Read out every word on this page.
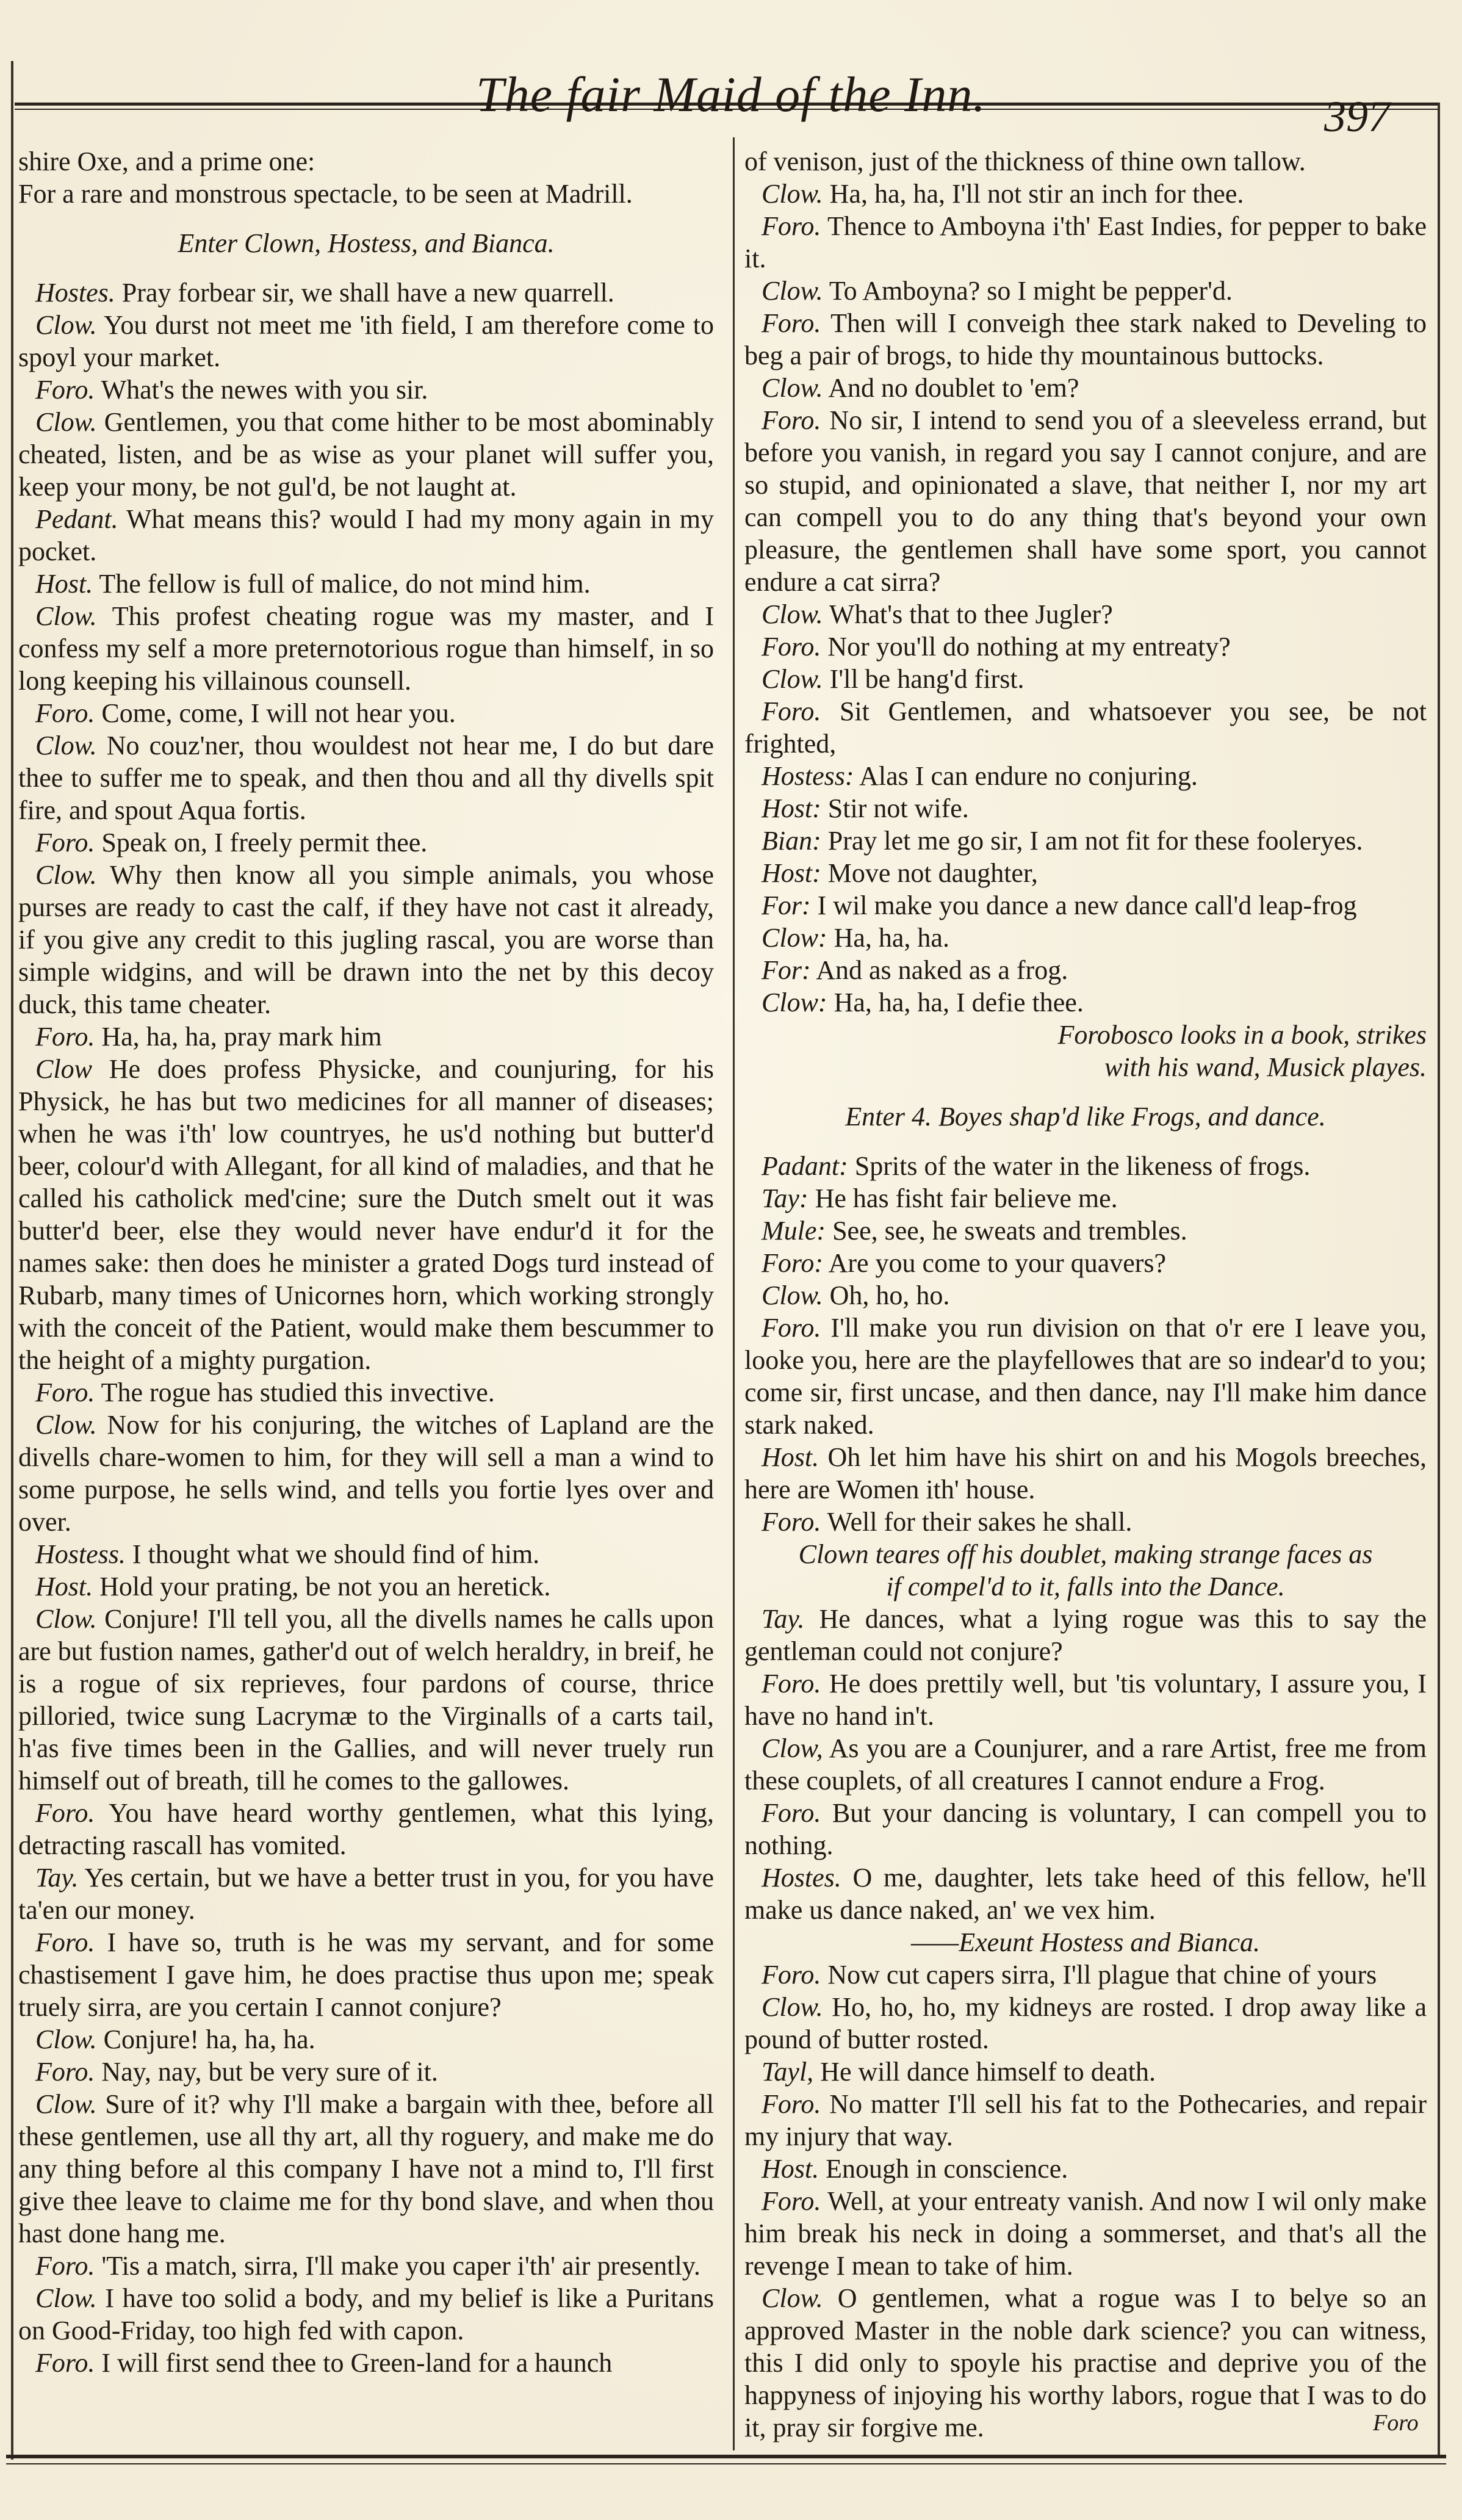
The fair Maid of the Inn.	397

shire Oxe, and a prime one:

For a rare and monstrous spectacle, to be seen at Madrill.

Enter Clown, Hostess, and Bianca.

Hostes. Pray forbear sir, we shall have a new quarrell.

Clow. You durst not meet me 'ith field, I am therefore come to spoyl your market.

Foro. What's the newes with you sir.

Clow. Gentlemen, you that come hither to be most abominably cheated, listen, and be as wise as your planet will suffer you, keep your mony, be not gul'd, be not laught at.

Pedant. What means this? would I had my mony again in my pocket.

Host. The fellow is full of malice, do not mind him.

Clow. This profest cheating rogue was my master, and I confess my self a more preternotorious rogue than himself, in so long keeping his villainous counsell.

Foro. Come, come, I will not hear you.

Clow. No couz'ner, thou wouldest not hear me, I do but dare thee to suffer me to speak, and then thou and all thy divells spit fire, and spout Aqua fortis.

Foro. Speak on, I freely permit thee.

Clow. Why then know all you simple animals, you whose purses are ready to cast the calf, if they have not cast it already, if you give any credit to this jugling rascal, you are worse than simple widgins, and will be drawn into the net by this decoy duck, this tame cheater.

Foro. Ha, ha, ha, pray mark him

Clow He does profess Physicke, and counjuring, for his Physick, he has but two medicines for all manner of diseases; when he was i'th' low countryes, he us'd nothing but butter'd beer, colour'd with Allegant, for all kind of maladies, and that he called his catholick med'cine; sure the Dutch smelt out it was butter'd beer, else they would never have endur'd it for the names sake: then does he minister a grated Dogs turd instead of Rubarb, many times of Unicornes horn, which working strongly with the conceit of the Patient, would make them bescummer to the height of a mighty purgation.

Foro. The rogue has studied this invective.

Clow. Now for his conjuring, the witches of Lapland are the divells chare-women to him, for they will sell a man a wind to some purpose, he sells wind, and tells you fortie lyes over and over.

Hostess. I thought what we should find of him.

Host. Hold your prating, be not you an heretick.

Clow. Conjure! I'll tell you, all the divells names he calls upon are but fustion names, gather'd out of welch heraldry, in breif, he is a rogue of six reprieves, four pardons of course, thrice pilloried, twice sung Lacrymæ to the Virginalls of a carts tail, h'as five times been in the Gallies, and will never truely run himself out of breath, till he comes to the gallowes.

Foro. You have heard worthy gentlemen, what this lying, detracting rascall has vomited.

Tay. Yes certain, but we have a better trust in you, for you have ta'en our money.

Foro. I have so, truth is he was my servant, and for some chastisement I gave him, he does practise thus upon me; speak truely sirra, are you certain I cannot conjure?

Clow. Conjure! ha, ha, ha.

Foro. Nay, nay, but be very sure of it.

Clow. Sure of it? why I'll make a bargain with thee, before all these gentlemen, use all thy art, all thy roguery, and make me do any thing before al this company I have not a mind to, I'll first give thee leave to claime me for thy bond slave, and when thou hast done hang me.

Foro. 'Tis a match, sirra, I'll make you caper i'th' air presently.

Clow. I have too solid a body, and my belief is like a Puritans on Good-Friday, too high fed with capon.

Foro. I will first send thee to Green-land for a haunch

of venison, just of the thickness of thine own tallow.

Clow. Ha, ha, ha, I'll not stir an inch for thee.

Foro. Thence to Amboyna i'th' East Indies, for pepper to bake it.

Clow. To Amboyna? so I might be pepper'd.

Foro. Then will I conveigh thee stark naked to Develing to beg a pair of brogs, to hide thy mountainous buttocks.

Clow. And no doublet to 'em?

Foro. No sir, I intend to send you of a sleeveless errand, but before you vanish, in regard you say I cannot conjure, and are so stupid, and opinionated a slave, that neither I, nor my art can compell you to do any thing that's beyond your own pleasure, the gentlemen shall have some sport, you cannot endure a cat sirra?

Clow. What's that to thee Jugler?

Foro. Nor you'll do nothing at my entreaty?

Clow. I'll be hang'd first.

Foro. Sit Gentlemen, and whatsoever you see, be not frighted,

Hostess: Alas I can endure no conjuring.

Host: Stir not wife.

Bian: Pray let me go sir, I am not fit for these fooleryes.

Host: Move not daughter,

For: I wil make you dance a new dance call'd leap-frog

Clow: Ha, ha, ha.

For: And as naked as a frog.

Clow: Ha, ha, ha, I defie thee.

Forobosco looks in a book, strikes

with his wand, Musick playes.

Enter 4. Boyes shap'd like Frogs, and dance.

Padant: Sprits of the water in the likeness of frogs.

Tay: He has fisht fair believe me.

Mule: See, see, he sweats and trembles.

Foro: Are you come to your quavers?

Clow. Oh, ho, ho.

Foro. I'll make you run division on that o'r ere I leave you, looke you, here are the playfellowes that are so indear'd to you; come sir, first uncase, and then dance, nay I'll make him dance stark naked.

Host. Oh let him have his shirt on and his Mogols breeches, here are Women ith' house.

Foro. Well for their sakes he shall.

Clown teares off his doublet, making strange faces as

if compel'd to it, falls into the Dance.

Tay. He dances, what a lying rogue was this to say the gentleman could not conjure?

Foro. He does prettily well, but 'tis voluntary, I assure you, I have no hand in't.

Clow, As you are a Counjurer, and a rare Artist, free me from these couplets, of all creatures I cannot endure a Frog.

Foro. But your dancing is voluntary, I can compell you to nothing.

Hostes. O me, daughter, lets take heed of this fellow, he'll make us dance naked, an' we vex him.

——Exeunt Hostess and Bianca.

Foro. Now cut capers sirra, I'll plague that chine of yours

Clow. Ho, ho, ho, my kidneys are rosted. I drop away like a pound of butter rosted.

Tayl, He will dance himself to death.

Foro. No matter I'll sell his fat to the Pothecaries, and repair my injury that way.

Host. Enough in conscience.

Foro. Well, at your entreaty vanish. And now I wil only make him break his neck in doing a sommerset, and that's all the revenge I mean to take of him.

Clow. O gentlemen, what a rogue was I to belye so an approved Master in the noble dark science? you can witness, this I did only to spoyle his practise and deprive you of the happyness of injoying his worthy labors, rogue that I was to do it, pray sir forgive me.	Foro
